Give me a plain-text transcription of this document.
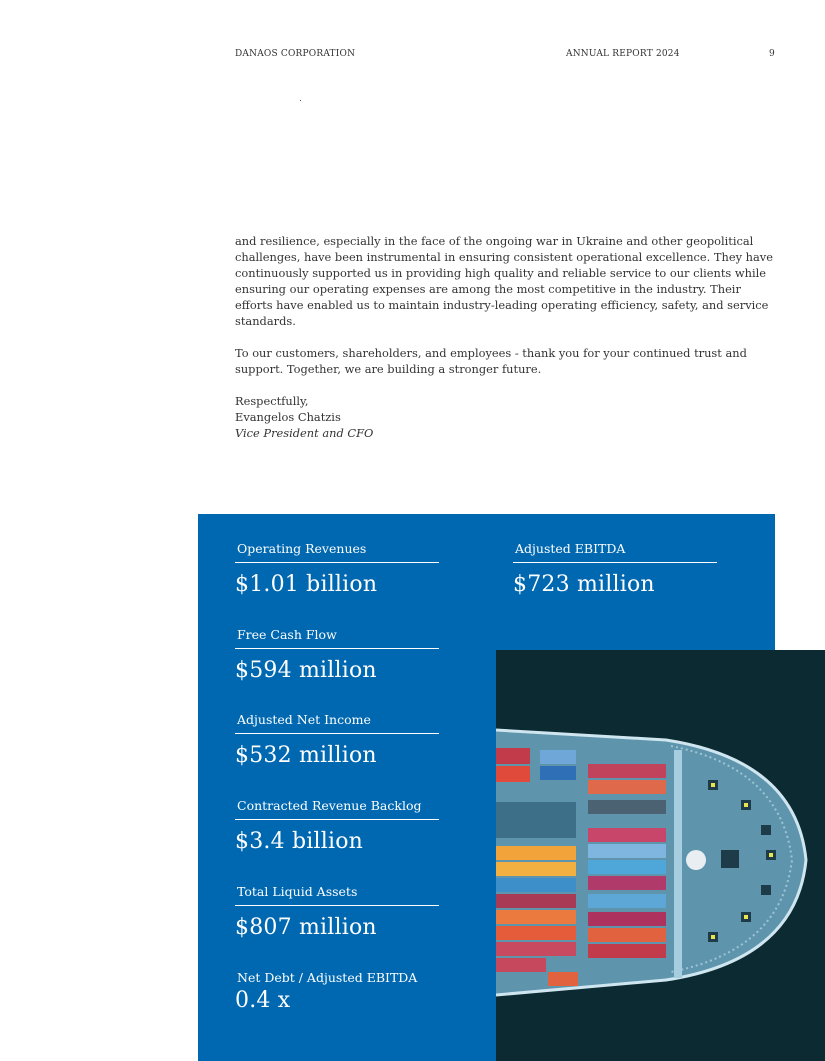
DANAOS CORPORATION	ANNUAL REPORT 2024	9

and resilience, especially in the face of the ongoing war in Ukraine and other geopolitical challenges, have been instrumental in ensuring consistent operational excellence. They have continuously supported us in providing high quality and reliable service to our clients while ensuring our operating expenses are among the most competitive in the industry. Their efforts have enabled us to maintain industry-leading operating efficiency, safety, and service standards.

To our customers, shareholders, and employees - thank you for your continued trust and support. Together, we are building a stronger future.

Respectfully,

Evangelos Chatzis

Vice President and CFO

Operating Revenues
$1.01 billion
Adjusted EBITDA
$723 million
Free Cash Flow
$594 million
Adjusted Net Income
$532 million
Contracted Revenue Backlog
$3.4 billion
Total Liquid Assets
$807 million
Net Debt / Adjusted EBITDA
0.4 x
